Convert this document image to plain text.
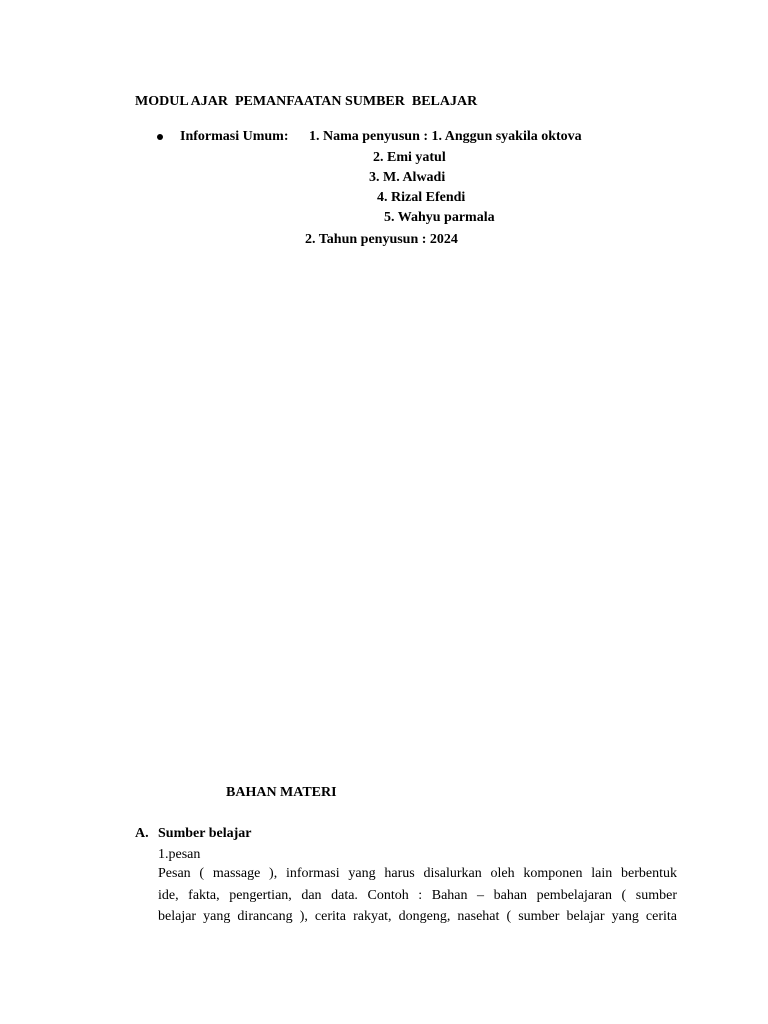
MODUL AJAR  PEMANFAATAN SUMBER  BELAJAR
Informasi Umum: 1. Nama penyusun : 1. Anggun syakila oktova
2. Emi yatul
3. M. Alwadi
4. Rizal Efendi
5. Wahyu parmala
2. Tahun penyusun : 2024
BAHAN MATERI
A. Sumber belajar
1.pesan
Pesan ( massage ), informasi yang harus disalurkan oleh komponen lain berbentuk
ide, fakta, pengertian, dan data. Contoh : Bahan – bahan pembelajaran ( sumber
belajar yang dirancang ), cerita rakyat, dongeng, nasehat ( sumber belajar yang cerita
